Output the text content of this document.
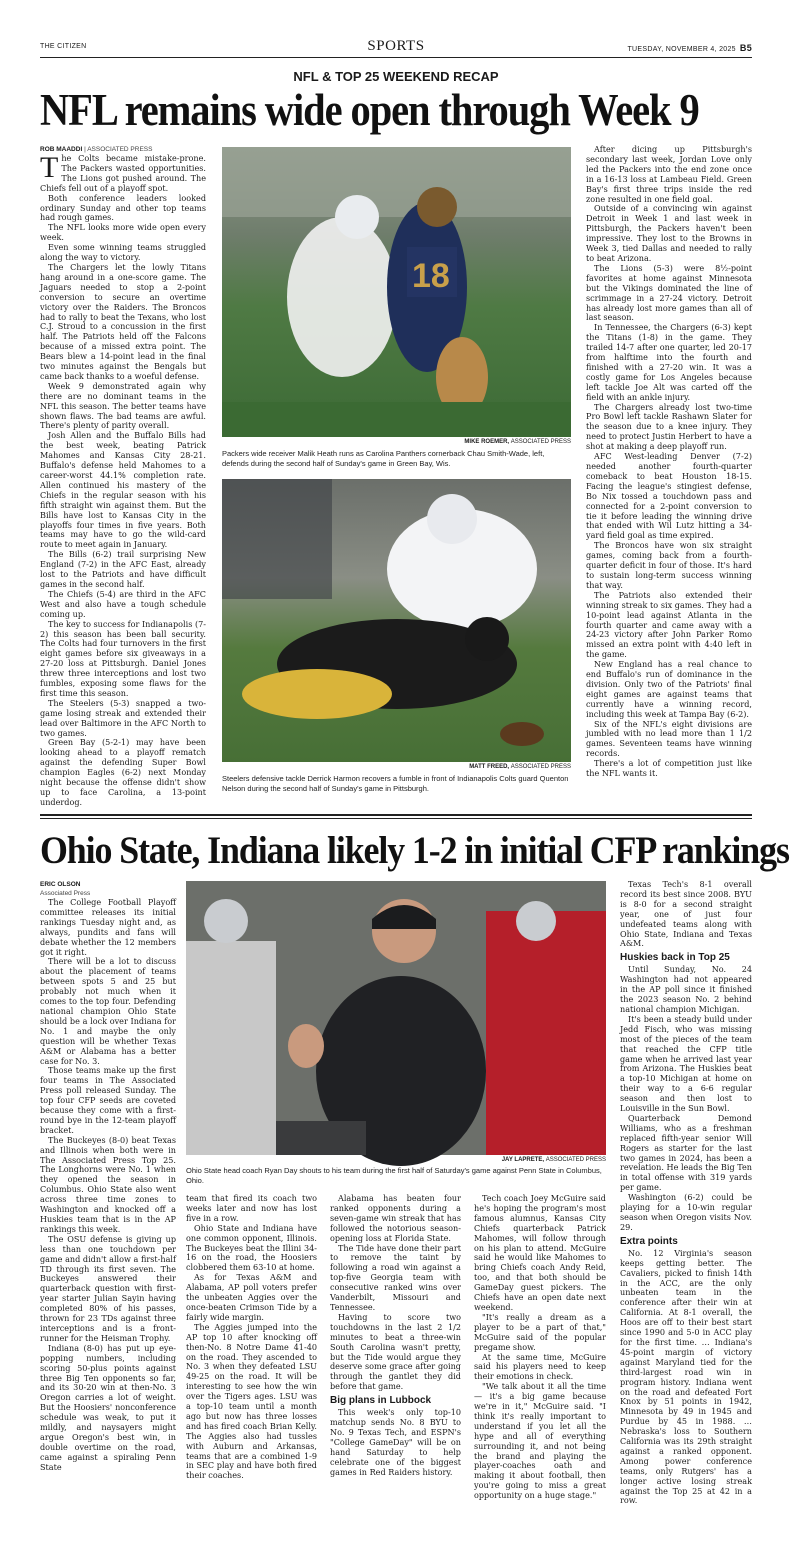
THE CITIZEN	SPORTS	TUESDAY, NOVEMBER 4, 2025 B5
NFL & TOP 25 WEEKEND RECAP
NFL remains wide open through Week 9
ROB MAADDI | ASSOCIATED PRESS
T he Colts became mistake-prone. The Packers wasted opportunities. The Lions got pushed around. The Chiefs fell out of a playoff spot.

Both conference leaders looked ordinary Sunday and other top teams had rough games.

The NFL looks more wide open every week.

Even some winning teams struggled along the way to victory.

The Chargers let the lowly Titans hang around in a one-score game. The Jaguars needed to stop a 2-point conversion to secure an overtime victory over the Raiders. The Broncos had to rally to beat the Texans, who lost C.J. Stroud to a concussion in the first half. The Patriots held off the Falcons because of a missed extra point. The Bears blew a 14-point lead in the final two minutes against the Bengals but came back thanks to a woeful defense.

Week 9 demonstrated again why there are no dominant teams in the NFL this season. The better teams have shown flaws. The bad teams are awful. There's plenty of parity overall.

Josh Allen and the Buffalo Bills had the best week, beating Patrick Mahomes and Kansas City 28-21. Buffalo's defense held Mahomes to a career-worst 44.1% completion rate. Allen continued his mastery of the Chiefs in the regular season with his fifth straight win against them. But the Bills have lost to Kansas City in the playoffs four times in five years. Both teams may have to go the wild-card route to meet again in January.

The Bills (6-2) trail surprising New England (7-2) in the AFC East, already lost to the Patriots and have difficult games in the second half.

The Chiefs (5-4) are third in the AFC West and also have a tough schedule coming up.

The key to success for Indianapolis (7-2) this season has been ball security. The Colts had four turnovers in the first eight games before six giveaways in a 27-20 loss at Pittsburgh. Daniel Jones threw three interceptions and lost two fumbles, exposing some flaws for the first time this season.

The Steelers (5-3) snapped a two-game losing streak and extended their lead over Baltimore in the AFC North to two games.

Green Bay (5-2-1) may have been looking ahead to a playoff rematch against the defending Super Bowl champion Eagles (6-2) next Monday night because the offense didn't show up to face Carolina, a 13-point underdog.

18
MIKE ROEMER, ASSOCIATED PRESS
Packers wide receiver Malik Heath runs as Carolina Panthers cornerback Chau Smith-Wade, left, defends during the second half of Sunday's game in Green Bay, Wis.
MATT FREED, ASSOCIATED PRESS
Steelers defensive tackle Derrick Harmon recovers a fumble in front of Indianapolis Colts guard Quenton Nelson during the second half of Sunday's game in Pittsburgh.

After dicing up Pittsburgh's secondary last week, Jordan Love only led the Packers into the end zone once in a 16-13 loss at Lambeau Field. Green Bay's first three trips inside the red zone resulted in one field goal.

Outside of a convincing win against Detroit in Week 1 and last week in Pittsburgh, the Packers haven't been impressive. They lost to the Browns in Week 3, tied Dallas and needed to rally to beat Arizona.

The Lions (5-3) were 8½-point favorites at home against Minnesota but the Vikings dominated the line of scrimmage in a 27-24 victory. Detroit has already lost more games than all of last season.

In Tennessee, the Chargers (6-3) kept the Titans (1-8) in the game. They trailed 14-7 after one quarter, led 20-17 from halftime into the fourth and finished with a 27-20 win. It was a costly game for Los Angeles because left tackle Joe Alt was carted off the field with an ankle injury.

The Chargers already lost two-time Pro Bowl left tackle Rashawn Slater for the season due to a knee injury. They need to protect Justin Herbert to have a shot at making a deep playoff run.

AFC West-leading Denver (7-2) needed another fourth-quarter comeback to beat Houston 18-15. Facing the league's stingiest defense, Bo Nix tossed a touchdown pass and connected for a 2-point conversion to tie it before leading the winning drive that ended with Wil Lutz hitting a 34-yard field goal as time expired.

The Broncos have won six straight games, coming back from a fourth-quarter deficit in four of those. It's hard to sustain long-term success winning that way.

The Patriots also extended their winning streak to six games. They had a 10-point lead against Atlanta in the fourth quarter and came away with a 24-23 victory after John Parker Romo missed an extra point with 4:40 left in the game.

New England has a real chance to end Buffalo's run of dominance in the division. Only two of the Patriots' final eight games are against teams that currently have a winning record, including this week at Tampa Bay (6-2).

Six of the NFL's eight divisions are jumbled with no lead more than 1 1/2 games. Seventeen teams have winning records.

There's a lot of competition just like the NFL wants it.

Ohio State, Indiana likely 1-2 in initial CFP rankings
ERIC OLSON
Associated Press

The College Football Playoff committee releases its initial rankings Tuesday night and, as always, pundits and fans will debate whether the 12 members got it right.

There will be a lot to discuss about the placement of teams between spots 5 and 25 but probably not much when it comes to the top four. Defending national champion Ohio State should be a lock over Indiana for No. 1 and maybe the only question will be whether Texas A&M or Alabama has a better case for No. 3.

Those teams make up the first four teams in The Associated Press poll released Sunday. The top four CFP seeds are coveted because they come with a first-round bye in the 12-team playoff bracket.

The Buckeyes (8-0) beat Texas and Illinois when both were in The Associated Press Top 25. The Longhorns were No. 1 when they opened the season in Columbus. Ohio State also went across three time zones to Washington and knocked off a Huskies team that is in the AP rankings this week.

The OSU defense is giving up less than one touchdown per game and didn't allow a first-half TD through its first seven. The Buckeyes answered their quarterback question with first-year starter Julian Sayin having completed 80% of his passes, thrown for 23 TDs against three interceptions and is a front-runner for the Heisman Trophy.

Indiana (8-0) has put up eye-popping numbers, including scoring 50-plus points against three Big Ten opponents so far, and its 30-20 win at then-No. 3 Oregon carries a lot of weight. But the Hoosiers' nonconference schedule was weak, to put it mildly, and naysayers might argue Oregon's best win, in double overtime on the road, came against a spiraling Penn State

JAY LAPRETE, ASSOCIATED PRESS
Ohio State head coach Ryan Day shouts to his team during the first half of Saturday's game against Penn State in Columbus, Ohio.

team that fired its coach two weeks later and now has lost five in a row.

Ohio State and Indiana have one common opponent, Illinois. The Buckeyes beat the Illini 34-16 on the road, the Hoosiers clobbered them 63-10 at home.

As for Texas A&M and Alabama, AP poll voters prefer the unbeaten Aggies over the once-beaten Crimson Tide by a fairly wide margin.

The Aggies jumped into the AP top 10 after knocking off then-No. 8 Notre Dame 41-40 on the road. They ascended to No. 3 when they defeated LSU 49-25 on the road. It will be interesting to see how the win over the Tigers ages. LSU was a top-10 team until a month ago but now has three losses and has fired coach Brian Kelly. The Aggies also had tussles with Auburn and Arkansas, teams that are a combined 1-9 in SEC play and have both fired their coaches.

Alabama has beaten four ranked opponents during a seven-game win streak that has followed the notorious season-opening loss at Florida State.

The Tide have done their part to remove the taint by following a road win against a top-five Georgia team with consecutive ranked wins over Vanderbilt, Missouri and Tennessee.

Having to score two touchdowns in the last 2 1/2 minutes to beat a three-win South Carolina wasn't pretty, but the Tide would argue they deserve some grace after going through the gantlet they did before that game.

Big plans in Lubbock

This week's only top-10 matchup sends No. 8 BYU to No. 9 Texas Tech, and ESPN's "College GameDay" will be on hand Saturday to help celebrate one of the biggest games in Red Raiders history.

Tech coach Joey McGuire said he's hoping the program's most famous alumnus, Kansas City Chiefs quarterback Patrick Mahomes, will follow through on his plan to attend. McGuire said he would like Mahomes to bring Chiefs coach Andy Reid, too, and that both should be GameDay guest pickers. The Chiefs have an open date next weekend.

"It's really a dream as a player to be a part of that," McGuire said of the popular pregame show.

At the same time, McGuire said his players need to keep their emotions in check.

"We talk about it all the time — it's a big game because we're in it," McGuire said. "I think it's really important to understand if you let all the hype and all of everything surrounding it, and not being the brand and playing the player-coaches oath and making it about football, then you're going to miss a great opportunity on a huge stage."

Texas Tech's 8-1 overall record its best since 2008. BYU is 8-0 for a second straight year, one of just four undefeated teams along with Ohio State, Indiana and Texas A&M.

Huskies back in Top 25

Until Sunday, No. 24 Washington had not appeared in the AP poll since it finished the 2023 season No. 2 behind national champion Michigan.

It's been a steady build under Jedd Fisch, who was missing most of the pieces of the team that reached the CFP title game when he arrived last year from Arizona. The Huskies beat a top-10 Michigan at home on their way to a 6-6 regular season and then lost to Louisville in the Sun Bowl.

Quarterback Demond Williams, who as a freshman replaced fifth-year senior Will Rogers as starter for the last two games in 2024, has been a revelation. He leads the Big Ten in total offense with 319 yards per game.

Washington (6-2) could be playing for a 10-win regular season when Oregon visits Nov. 29.

Extra points

No. 12 Virginia's season keeps getting better. The Cavaliers, picked to finish 14th in the ACC, are the only unbeaten team in the conference after their win at California. At 8-1 overall, the Hoos are off to their best start since 1990 and 5-0 in ACC play for the first time. … Indiana's 45-point margin of victory against Maryland tied for the third-largest road win in program history. Indiana went on the road and defeated Fort Knox by 51 points in 1942, Minnesota by 49 in 1945 and Purdue by 45 in 1988. … Nebraska's loss to Southern California was its 29th straight against a ranked opponent. Among power conference teams, only Rutgers' has a longer active losing streak against the Top 25 at 42 in a row.
